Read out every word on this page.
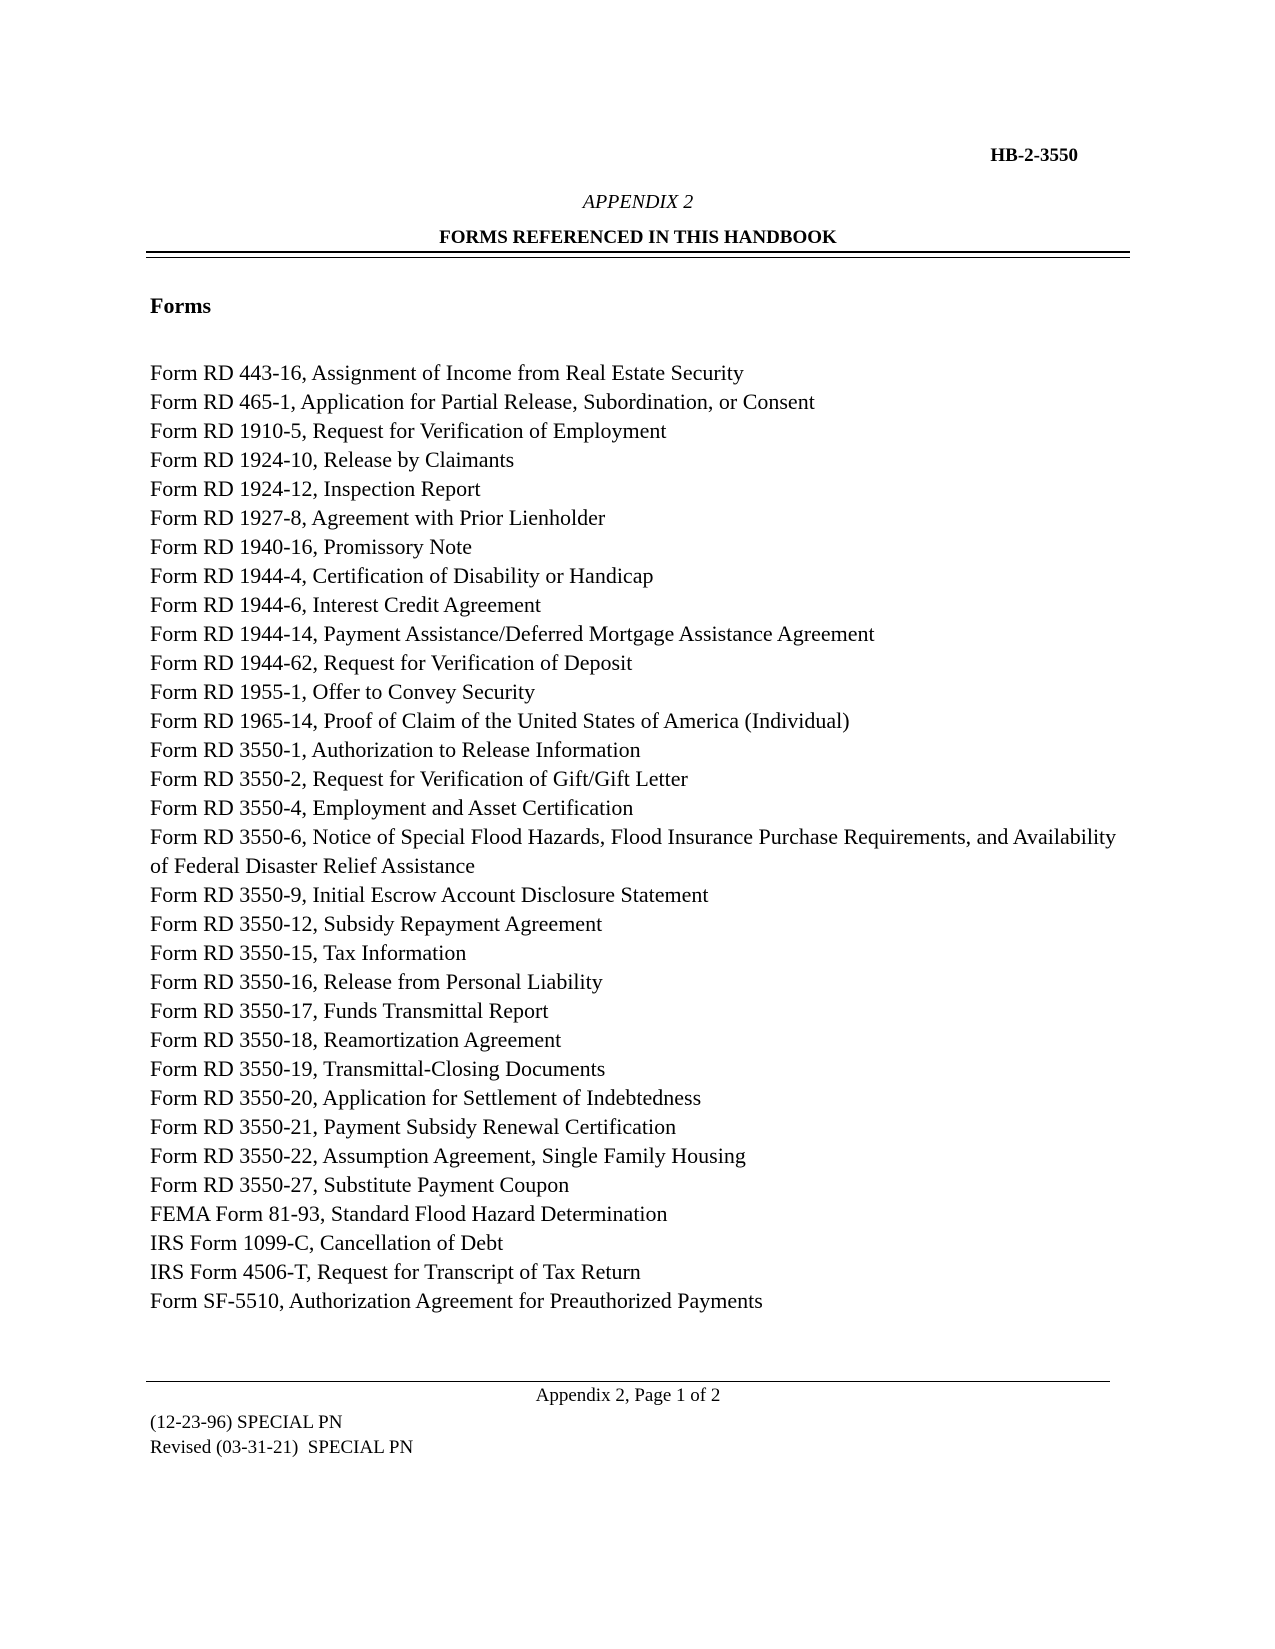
HB-2-3550
APPENDIX 2
FORMS REFERENCED IN THIS HANDBOOK
Forms
Form RD 443-16, Assignment of Income from Real Estate Security
Form RD 465-1, Application for Partial Release, Subordination, or Consent
Form RD 1910-5, Request for Verification of Employment
Form RD 1924-10, Release by Claimants
Form RD 1924-12, Inspection Report
Form RD 1927-8, Agreement with Prior Lienholder
Form RD 1940-16, Promissory Note
Form RD 1944-4, Certification of Disability or Handicap
Form RD 1944-6, Interest Credit Agreement
Form RD 1944-14, Payment Assistance/Deferred Mortgage Assistance Agreement
Form RD 1944-62, Request for Verification of Deposit
Form RD 1955-1, Offer to Convey Security
Form RD 1965-14, Proof of Claim of the United States of America (Individual)
Form RD 3550-1, Authorization to Release Information
Form RD 3550-2, Request for Verification of Gift/Gift Letter
Form RD 3550-4, Employment and Asset Certification
Form RD 3550-6, Notice of Special Flood Hazards, Flood Insurance Purchase Requirements, and Availability of Federal Disaster Relief Assistance
Form RD 3550-9, Initial Escrow Account Disclosure Statement
Form RD 3550-12, Subsidy Repayment Agreement
Form RD 3550-15, Tax Information
Form RD 3550-16, Release from Personal Liability
Form RD 3550-17, Funds Transmittal Report
Form RD 3550-18, Reamortization Agreement
Form RD 3550-19, Transmittal-Closing Documents
Form RD 3550-20, Application for Settlement of Indebtedness
Form RD 3550-21, Payment Subsidy Renewal Certification
Form RD 3550-22, Assumption Agreement, Single Family Housing
Form RD 3550-27, Substitute Payment Coupon
FEMA Form 81-93, Standard Flood Hazard Determination
IRS Form 1099-C, Cancellation of Debt
IRS Form 4506-T, Request for Transcript of Tax Return
Form SF-5510, Authorization Agreement for Preauthorized Payments
Appendix 2, Page 1 of 2
(12-23-96) SPECIAL PN
Revised (03-31-21)  SPECIAL PN
